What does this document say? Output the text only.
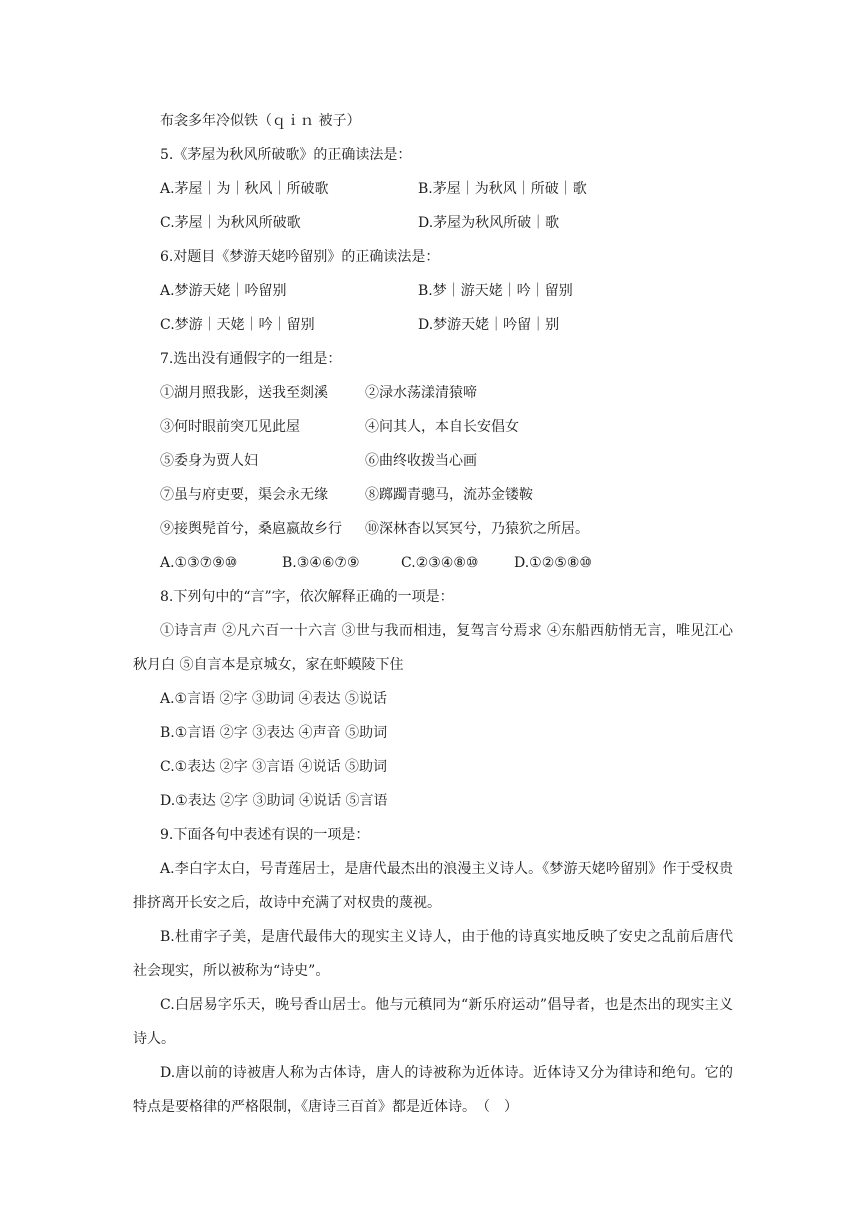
布衾多年冷似铁（ｑｉｎ 被子）
5.《茅屋为秋风所破歌》的正确读法是：
A.茅屋｜为｜秋风｜所破歌	B.茅屋｜为秋风｜所破｜歌
C.茅屋｜为秋风所破歌	D.茅屋为秋风所破｜歌
6.对题目《梦游天姥吟留别》的正确读法是：
A.梦游天姥｜吟留别	B.梦｜游天姥｜吟｜留别
C.梦游｜天姥｜吟｜留别	D.梦游天姥｜吟留｜别
7.选出没有通假字的一组是：
①湖月照我影，送我至剡溪	②渌水荡漾清猿啼
③何时眼前突兀见此屋	④问其人，本自长安倡女
⑤委身为贾人妇	⑥曲终收拨当心画
⑦虽与府吏要，渠会永无缘	⑧踯躅青骢马，流苏金镂鞍
⑨接舆髡首兮，桑扈嬴故乡行 ⑩深林杳以冥冥兮，乃猿狖之所居。
A.①③⑦⑨⑩	B.③④⑥⑦⑨	C.②③④⑧⑩	D.①②⑤⑧⑩
8.下列句中的“言”字，依次解释正确的一项是：
①诗言声 ②凡六百一十六言 ③世与我而相违，复驾言兮焉求 ④东船西舫悄无言，唯见江心秋月白 ⑤自言本是京城女，家在虾蟆陵下住
A.①言语 ②字 ③助词 ④表达 ⑤说话
B.①言语 ②字 ③表达 ④声音 ⑤助词
C.①表达 ②字 ③言语 ④说话 ⑤助词
D.①表达 ②字 ③助词 ④说话 ⑤言语
9.下面各句中表述有误的一项是：
A.李白字太白，号青莲居士，是唐代最杰出的浪漫主义诗人。《梦游天姥吟留别》作于受权贵排挤离开长安之后，故诗中充满了对权贵的蔑视。
B.杜甫字子美，是唐代最伟大的现实主义诗人，由于他的诗真实地反映了安史之乱前后唐代社会现实，所以被称为“诗史”。
C.白居易字乐天，晚号香山居士。他与元稹同为“新乐府运动”倡导者，也是杰出的现实主义诗人。
D.唐以前的诗被唐人称为古体诗，唐人的诗被称为近体诗。近体诗又分为律诗和绝句。它的特点是要格律的严格限制，《唐诗三百首》都是近体诗。　（　）
